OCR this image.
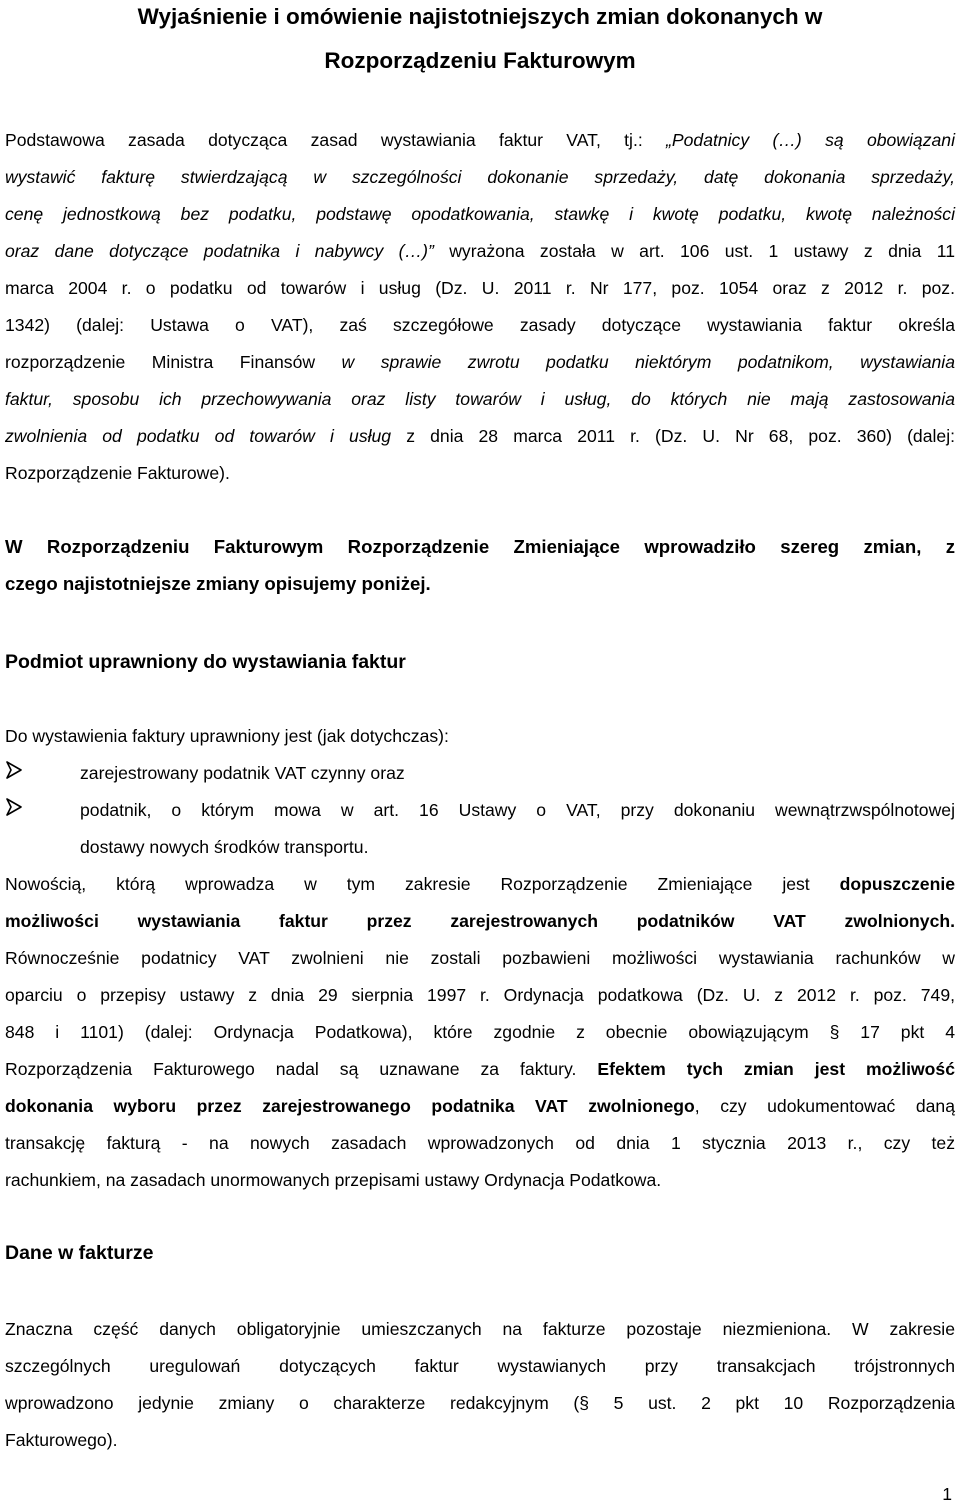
Wyjaśnienie i omówienie najistotniejszych zmian dokonanych w
Rozporządzeniu Fakturowym
Podstawowa zasada dotycząca zasad wystawiania faktur VAT, tj.: „Podatnicy (…) są obowiązani
wystawić fakturę stwierdzającą w szczególności dokonanie sprzedaży, datę dokonania sprzedaży,
cenę jednostkową bez podatku, podstawę opodatkowania, stawkę i kwotę podatku, kwotę należności
oraz dane dotyczące podatnika i nabywcy (…)” wyrażona została w art. 106 ust. 1 ustawy z dnia 11
marca 2004 r. o podatku od towarów i usług (Dz. U. 2011 r. Nr 177, poz. 1054 oraz z 2012 r. poz.
1342) (dalej: Ustawa o VAT), zaś szczegółowe zasady dotyczące wystawiania faktur określa
rozporządzenie Ministra Finansów w sprawie zwrotu podatku niektórym podatnikom, wystawiania
faktur, sposobu ich przechowywania oraz listy towarów i usług, do których nie mają zastosowania
zwolnienia od podatku od towarów i usług z dnia 28 marca 2011 r. (Dz. U. Nr 68, poz. 360) (dalej:
Rozporządzenie Fakturowe).
W Rozporządzeniu Fakturowym Rozporządzenie Zmieniające wprowadziło szereg zmian, z
czego najistotniejsze zmiany opisujemy poniżej.
Podmiot uprawniony do wystawiania faktur
Do wystawienia faktury uprawniony jest (jak dotychczas):
zarejestrowany podatnik VAT czynny oraz
podatnik, o którym mowa w art. 16 Ustawy o VAT, przy dokonaniu wewnątrzwspólnotowej
dostawy nowych środków transportu.
Nowością, którą wprowadza w tym zakresie Rozporządzenie Zmieniające jest dopuszczenie
możliwości wystawiania faktur przez zarejestrowanych podatników VAT zwolnionych.
Równocześnie podatnicy VAT zwolnieni nie zostali pozbawieni możliwości wystawiania rachunków w
oparciu o przepisy ustawy z dnia 29 sierpnia 1997 r. Ordynacja podatkowa (Dz. U. z 2012 r. poz. 749,
848 i 1101) (dalej: Ordynacja Podatkowa), które zgodnie z obecnie obowiązującym § 17 pkt 4
Rozporządzenia Fakturowego nadal są uznawane za faktury. Efektem tych zmian jest możliwość
dokonania wyboru przez zarejestrowanego podatnika VAT zwolnionego, czy udokumentować daną
transakcję fakturą - na nowych zasadach wprowadzonych od dnia 1 stycznia 2013 r., czy też
rachunkiem, na zasadach unormowanych przepisami ustawy Ordynacja Podatkowa.
Dane w fakturze
Znaczna część danych obligatoryjnie umieszczanych na fakturze pozostaje niezmieniona. W zakresie
szczególnych uregulowań dotyczących faktur wystawianych przy transakcjach trójstronnych
wprowadzono jedynie zmiany o charakterze redakcyjnym (§ 5 ust. 2 pkt 10 Rozporządzenia
Fakturowego).
1
